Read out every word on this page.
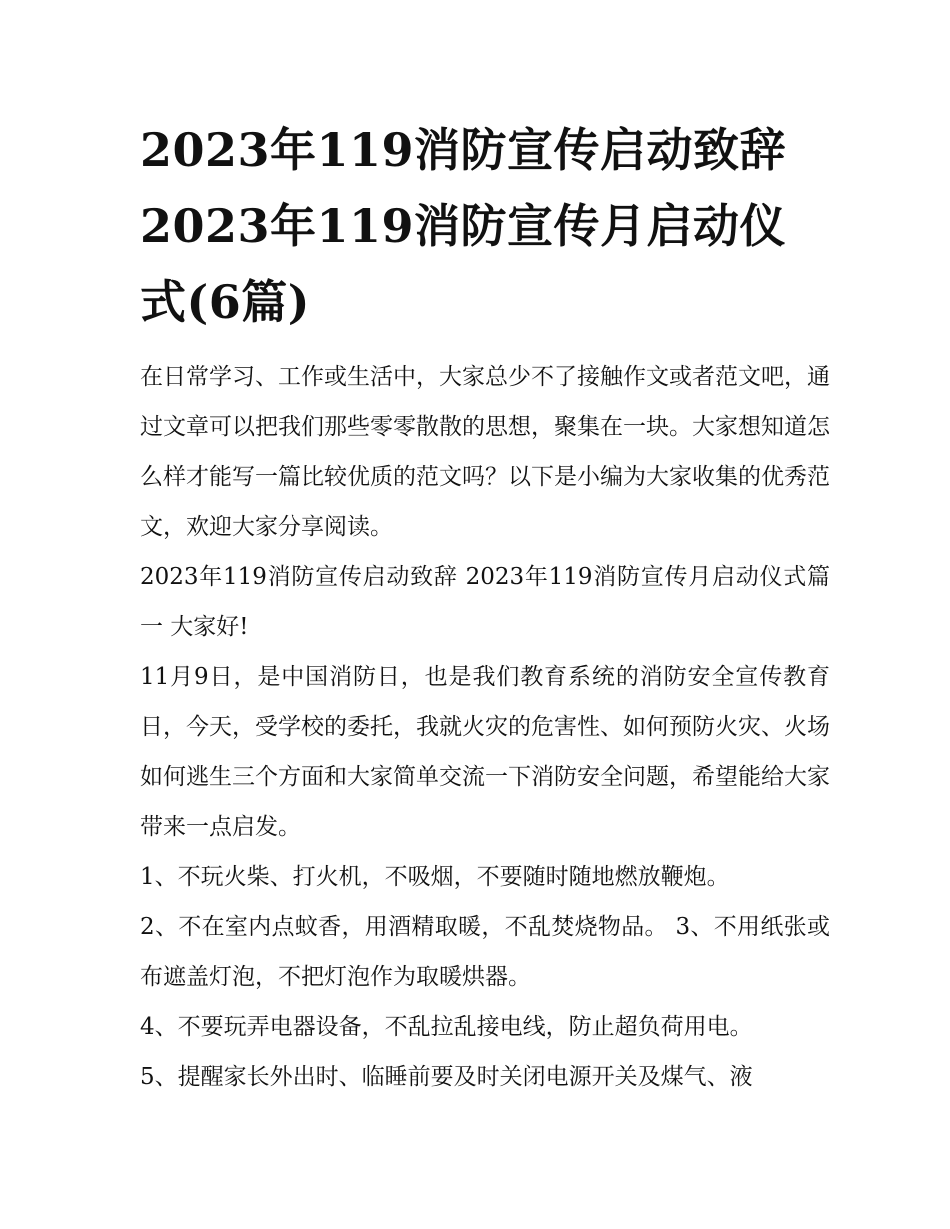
2023年119消防宣传启动致辞 2023年119消防宣传月启动仪式(6篇)

在日常学习、工作或生活中，大家总少不了接触作文或者范文吧，通过文章可以把我们那些零零散散的思想，聚集在一块。大家想知道怎么样才能写一篇比较优质的范文吗？以下是小编为大家收集的优秀范文，欢迎大家分享阅读。

2023年119消防宣传启动致辞 2023年119消防宣传月启动仪式篇一 大家好!

11月9日，是中国消防日，也是我们教育系统的消防安全宣传教育日，今天，受学校的委托，我就火灾的危害性、如何预防火灾、火场如何逃生三个方面和大家简单交流一下消防安全问题，希望能给大家带来一点启发。

1、不玩火柴、打火机，不吸烟，不要随时随地燃放鞭炮。

2、不在室内点蚊香，用酒精取暖，不乱焚烧物品。 3、不用纸张或布遮盖灯泡，不把灯泡作为取暖烘器。

4、不要玩弄电器设备，不乱拉乱接电线，防止超负荷用电。

5、提醒家长外出时、临睡前要及时关闭电源开关及煤气、液
